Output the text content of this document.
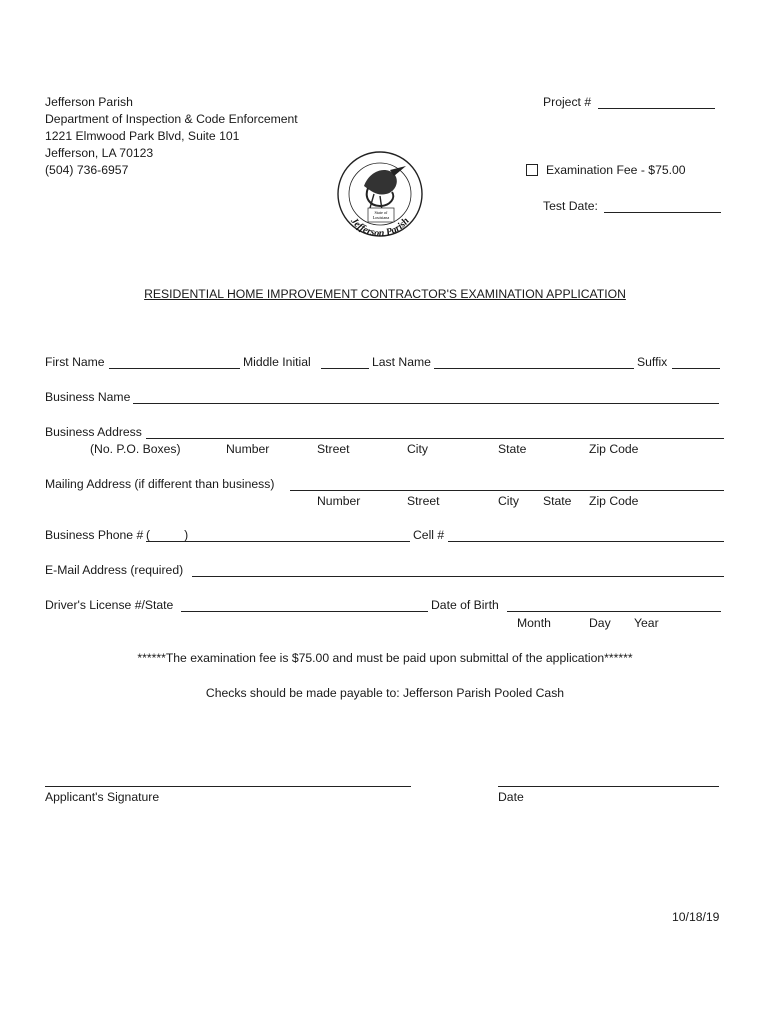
Jefferson Parish
Department of Inspection & Code Enforcement
1221 Elmwood Park Blvd, Suite 101
Jefferson, LA 70123
(504) 736-6957
Project #
Examination Fee - $75.00
Test Date:
State of
Louisiana
Jefferson Parish
RESIDENTIAL HOME IMPROVEMENT CONTRACTOR'S EXAMINATION APPLICATION
First Name	Middle Initial	Last Name	Suffix
Business Name
Business Address
(No. P.O. Boxes)	Number	Street	City	State	Zip Code
Mailing Address (if different than business)
Number	Street	City State Zip Code
Business Phone # (	)	Cell #
E-Mail Address (required)
Driver's License #/State	Date of Birth
Month	Day Year
******The examination fee is $75.00 and must be paid upon submittal of the application******
Checks should be made payable to: Jefferson Parish Pooled Cash
Applicant's Signature	Date
10/18/19
